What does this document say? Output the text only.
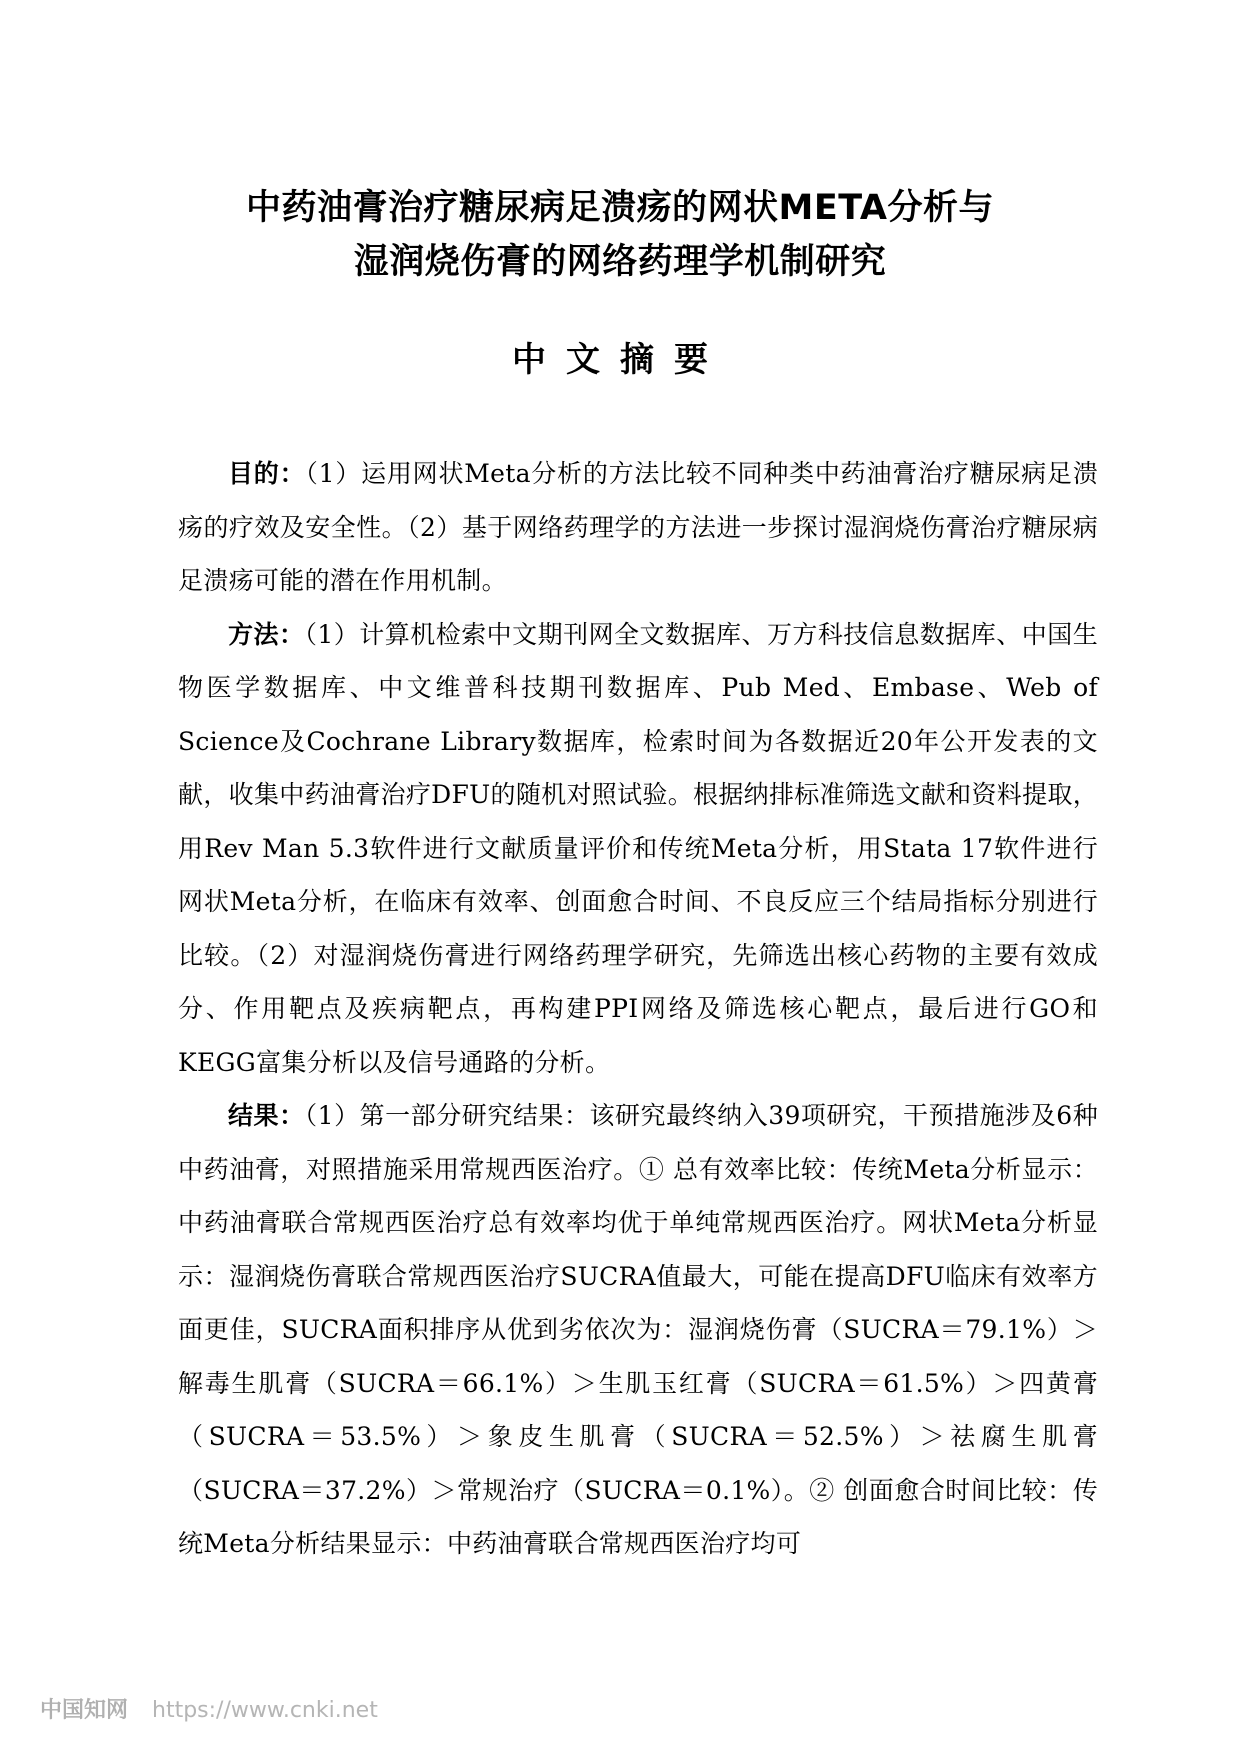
中药油膏治疗糖尿病足溃疡的网状META分析与
湿润烧伤膏的网络药理学机制研究
中文摘要

目的：（1）运用网状Meta分析的方法比较不同种类中药油膏治疗糖尿病足溃疡的疗效及安全性。（2）基于网络药理学的方法进一步探讨湿润烧伤膏治疗糖尿病足溃疡可能的潜在作用机制。

方法：（1）计算机检索中文期刊网全文数据库、万方科技信息数据库、中国生物医学数据库、中文维普科技期刊数据库、Pub Med、Embase、Web of Science及Cochrane Library数据库，检索时间为各数据近20年公开发表的文献，收集中药油膏治疗DFU的随机对照试验。根据纳排标准筛选文献和资料提取，用Rev Man 5.3软件进行文献质量评价和传统Meta分析，用Stata 17软件进行网状Meta分析，在临床有效率、创面愈合时间、不良反应三个结局指标分别进行比较。（2）对湿润烧伤膏进行网络药理学研究，先筛选出核心药物的主要有效成分、作用靶点及疾病靶点，再构建PPI网络及筛选核心靶点，最后进行GO和KEGG富集分析以及信号通路的分析。

结果：（1）第一部分研究结果：该研究最终纳入39项研究，干预措施涉及6种中药油膏，对照措施采用常规西医治疗。① 总有效率比较：传统Meta分析显示：中药油膏联合常规西医治疗总有效率均优于单纯常规西医治疗。网状Meta分析显示：湿润烧伤膏联合常规西医治疗SUCRA值最大，可能在提高DFU临床有效率方面更佳，SUCRA面积排序从优到劣依次为：湿润烧伤膏（SUCRA＝79.1%）＞解毒生肌膏（SUCRA＝66.1%）＞生肌玉红膏（SUCRA＝61.5%）＞四黄膏（SUCRA＝53.5%）＞象皮生肌膏（SUCRA＝52.5%）＞祛腐生肌膏（SUCRA＝37.2%）＞常规治疗（SUCRA＝0.1%）。② 创面愈合时间比较：传统Meta分析结果显示：中药油膏联合常规西医治疗均可

中国知网 https://www.cnki.net
